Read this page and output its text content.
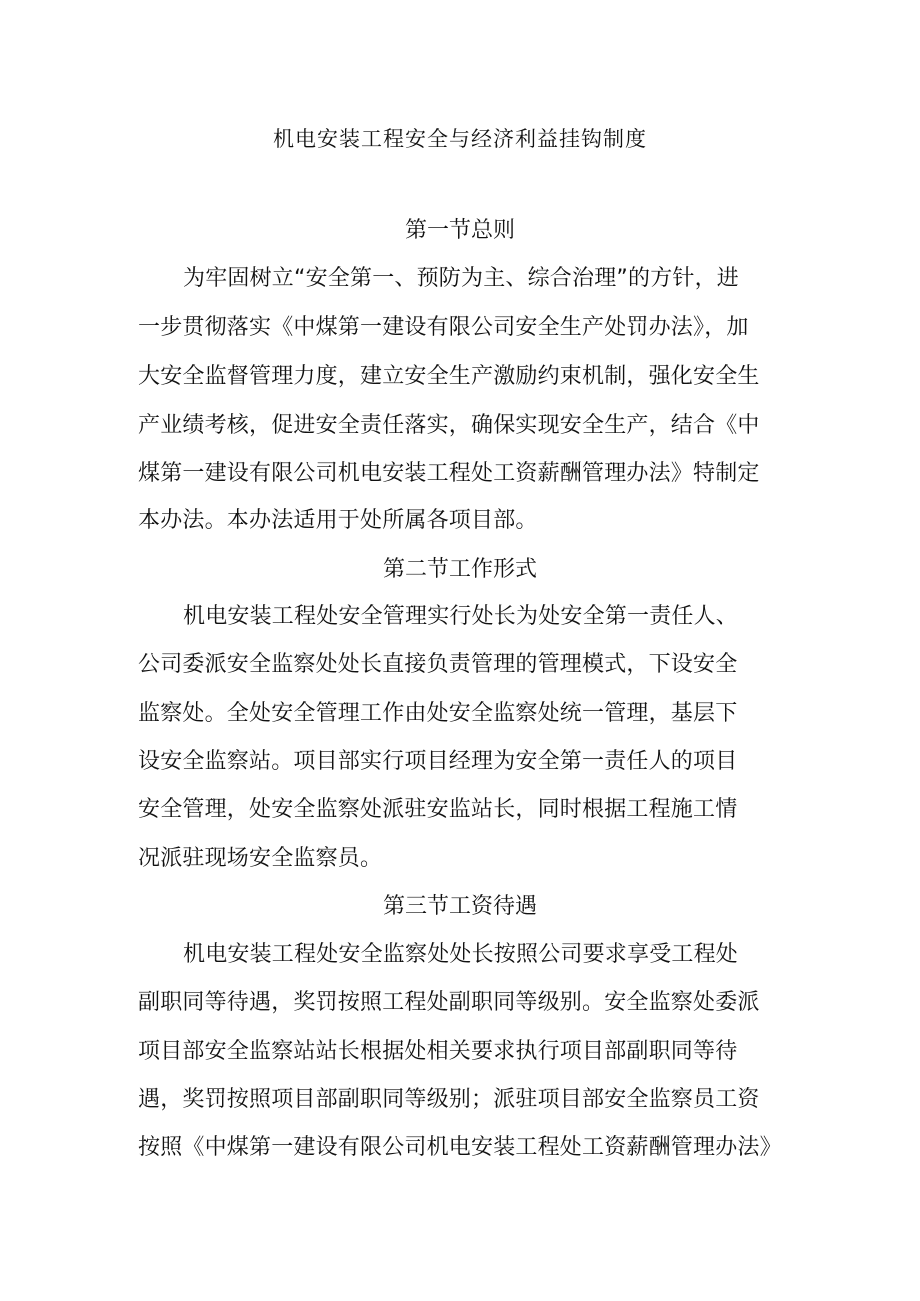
机电安装工程安全与经济利益挂钩制度
第一节总则
为牢固树立“安全第一、预防为主、综合治理”的方针，进
一步贯彻落实《中煤第一建设有限公司安全生产处罚办法》，加
大安全监督管理力度，建立安全生产激励约束机制，强化安全生
产业绩考核，促进安全责任落实，确保实现安全生产，结合《中
煤第一建设有限公司机电安装工程处工资薪酬管理办法》特制定
本办法。本办法适用于处所属各项目部。
第二节工作形式
机电安装工程处安全管理实行处长为处安全第一责任人、
公司委派安全监察处处长直接负责管理的管理模式，下设安全
监察处。全处安全管理工作由处安全监察处统一管理，基层下
设安全监察站。项目部实行项目经理为安全第一责任人的项目
安全管理，处安全监察处派驻安监站长，同时根据工程施工情
况派驻现场安全监察员。
第三节工资待遇
机电安装工程处安全监察处处长按照公司要求享受工程处
副职同等待遇，奖罚按照工程处副职同等级别。安全监察处委派
项目部安全监察站站长根据处相关要求执行项目部副职同等待
遇，奖罚按照项目部副职同等级别；派驻项目部安全监察员工资
按照《中煤第一建设有限公司机电安装工程处工资薪酬管理办法》
